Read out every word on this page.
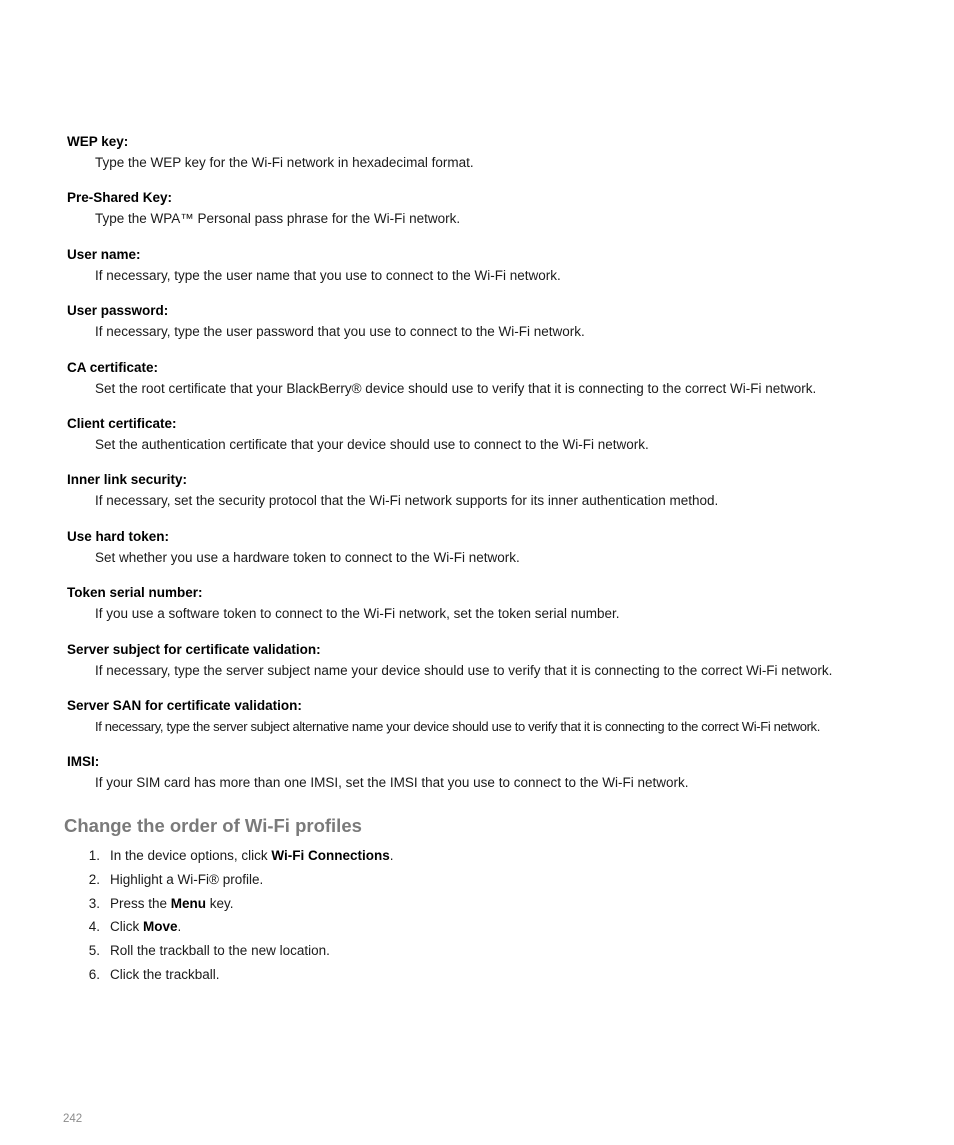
WEP key:
Type the WEP key for the Wi-Fi network in hexadecimal format.
Pre-Shared Key:
Type the WPA™ Personal pass phrase for the Wi-Fi network.
User name:
If necessary, type the user name that you use to connect to the Wi-Fi network.
User password:
If necessary, type the user password that you use to connect to the Wi-Fi network.
CA certificate:
Set the root certificate that your BlackBerry® device should use to verify that it is connecting to the correct Wi-Fi network.
Client certificate:
Set the authentication certificate that your device should use to connect to the Wi-Fi network.
Inner link security:
If necessary, set the security protocol that the Wi-Fi network supports for its inner authentication method.
Use hard token:
Set whether you use a hardware token to connect to the Wi-Fi network.
Token serial number:
If you use a software token to connect to the Wi-Fi network, set the token serial number.
Server subject for certificate validation:
If necessary, type the server subject name your device should use to verify that it is connecting to the correct Wi-Fi network.
Server SAN for certificate validation:
If necessary, type the server subject alternative name your device should use to verify that it is connecting to the correct Wi-Fi network.
IMSI:
If your SIM card has more than one IMSI, set the IMSI that you use to connect to the Wi-Fi network.
Change the order of Wi-Fi profiles
1. In the device options, click Wi-Fi Connections.
2. Highlight a Wi-Fi® profile.
3. Press the Menu key.
4. Click Move.
5. Roll the trackball to the new location.
6. Click the trackball.
242
